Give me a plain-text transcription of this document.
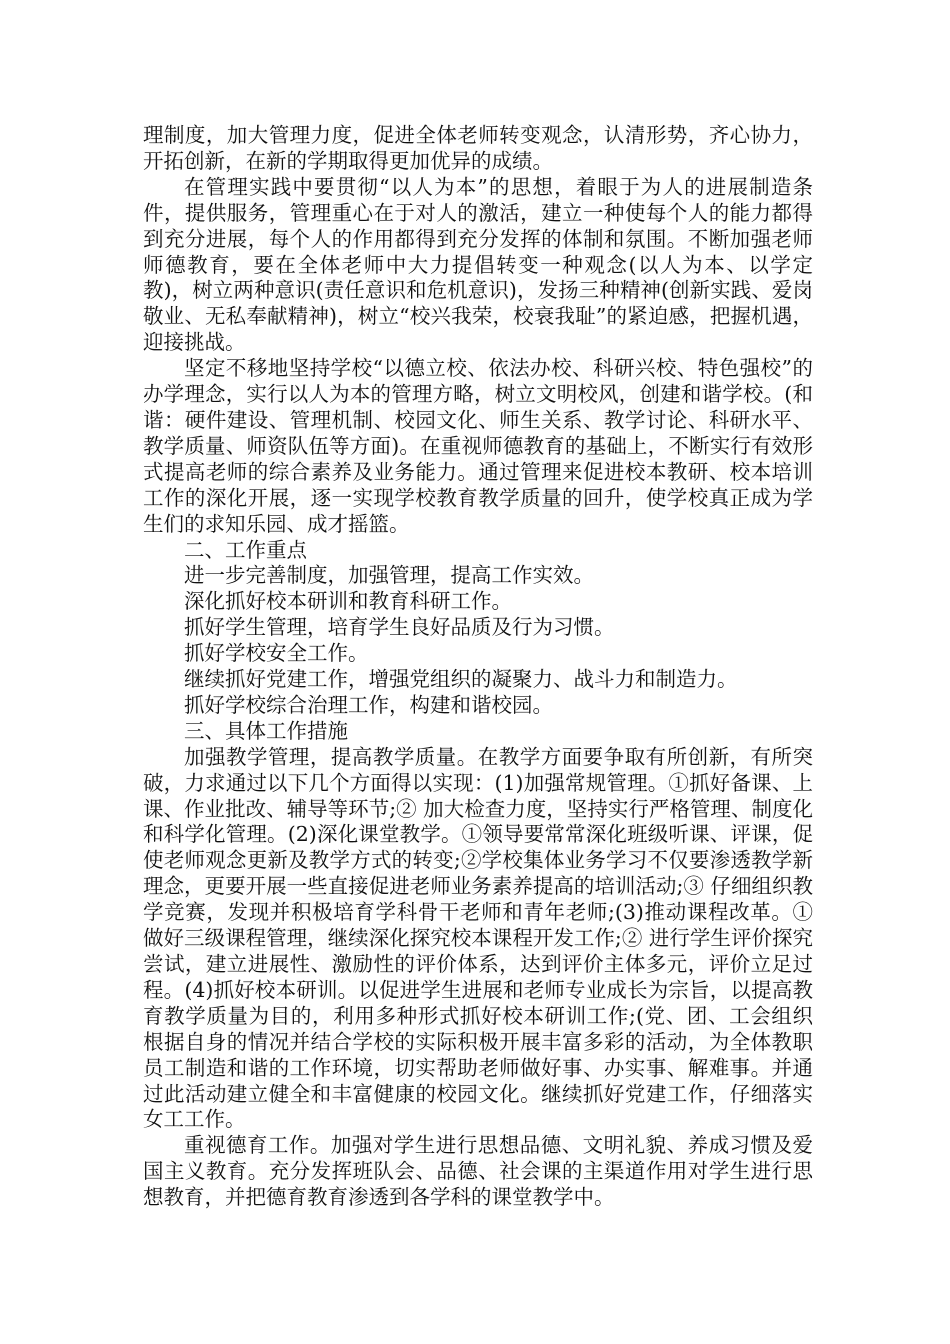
理制度，加大管理力度，促进全体老师转变观念，认清形势，齐心协力，开拓创新，在新的学期取得更加优异的成绩。

在管理实践中要贯彻“以人为本”的思想，着眼于为人的进展制造条件，提供服务，管理重心在于对人的激活，建立一种使每个人的能力都得到充分进展，每个人的作用都得到充分发挥的体制和氛围。不断加强老师师德教育，要在全体老师中大力提倡转变一种观念(以人为本、以学定教)，树立两种意识(责任意识和危机意识)，发扬三种精神(创新实践、爱岗敬业、无私奉献精神)，树立“校兴我荣，校衰我耻”的紧迫感，把握机遇，迎接挑战。

坚定不移地坚持学校“以德立校、依法办校、科研兴校、特色强校”的办学理念，实行以人为本的管理方略，树立文明校风，创建和谐学校。(和谐：硬件建设、管理机制、校园文化、师生关系、教学讨论、科研水平、教学质量、师资队伍等方面)。在重视师德教育的基础上，不断实行有效形式提高老师的综合素养及业务能力。通过管理来促进校本教研、校本培训工作的深化开展，逐一实现学校教育教学质量的回升，使学校真正成为学生们的求知乐园、成才摇篮。

二、工作重点

进一步完善制度，加强管理，提高工作实效。

深化抓好校本研训和教育科研工作。

抓好学生管理，培育学生良好品质及行为习惯。

抓好学校安全工作。

继续抓好党建工作，增强党组织的凝聚力、战斗力和制造力。

抓好学校综合治理工作，构建和谐校园。

三、具体工作措施

加强教学管理，提高教学质量。在教学方面要争取有所创新，有所突破，力求通过以下几个方面得以实现：(1)加强常规管理。①抓好备课、上课、作业批改、辅导等环节;② 加大检查力度，坚持实行严格管理、制度化和科学化管理。(2)深化课堂教学。①领导要常常深化班级听课、评课，促使老师观念更新及教学方式的转变;②学校集体业务学习不仅要渗透教学新理念，更要开展一些直接促进老师业务素养提高的培训活动;③ 仔细组织教学竞赛，发现并积极培育学科骨干老师和青年老师;(3)推动课程改革。①做好三级课程管理，继续深化探究校本课程开发工作;② 进行学生评价探究尝试，建立进展性、激励性的评价体系，达到评价主体多元，评价立足过程。(4)抓好校本研训。以促进学生进展和老师专业成长为宗旨，以提高教育教学质量为目的，利用多种形式抓好校本研训工作;(党、团、工会组织根据自身的情况并结合学校的实际积极开展丰富多彩的活动，为全体教职员工制造和谐的工作环境，切实帮助老师做好事、办实事、解难事。并通过此活动建立健全和丰富健康的校园文化。继续抓好党建工作，仔细落实女工工作。

重视德育工作。加强对学生进行思想品德、文明礼貌、养成习惯及爱国主义教育。充分发挥班队会、品德、社会课的主渠道作用对学生进行思想教育，并把德育教育渗透到各学科的课堂教学中。
